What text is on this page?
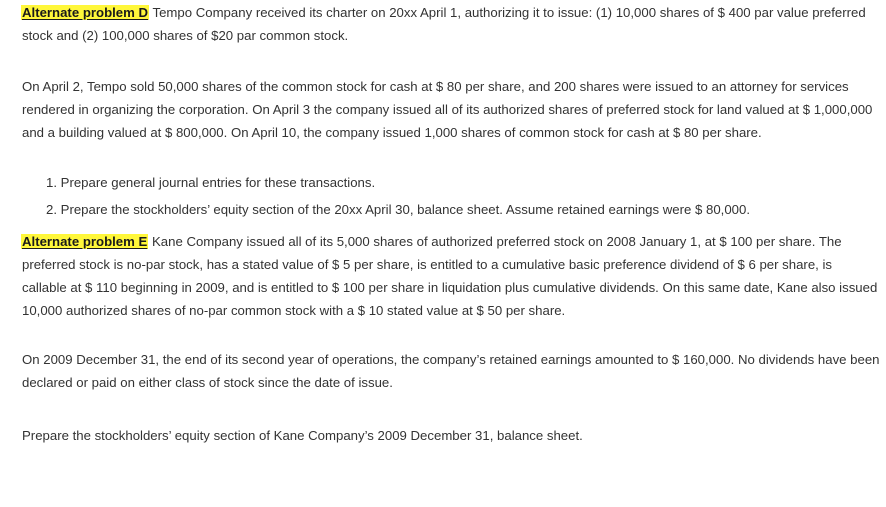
Alternate problem D Tempo Company received its charter on 20xx April 1, authorizing it to issue: (1) 10,000 shares of $ 400 par value preferred stock and (2) 100,000 shares of $20 par common stock.

On April 2, Tempo sold 50,000 shares of the common stock for cash at $ 80 per share, and 200 shares were issued to an attorney for services rendered in organizing the corporation. On April 3 the company issued all of its authorized shares of preferred stock for land valued at $ 1,000,000 and a building valued at $ 800,000. On April 10, the company issued 1,000 shares of common stock for cash at $ 80 per share.

1. Prepare general journal entries for these transactions.
2. Prepare the stockholders’ equity section of the 20xx April 30, balance sheet. Assume retained earnings were $ 80,000.

Alternate problem E Kane Company issued all of its 5,000 shares of authorized preferred stock on 2008 January 1, at $ 100 per share. The preferred stock is no-par stock, has a stated value of $ 5 per share, is entitled to a cumulative basic preference dividend of $ 6 per share, is callable at $ 110 beginning in 2009, and is entitled to $ 100 per share in liquidation plus cumulative dividends. On this same date, Kane also issued 10,000 authorized shares of no-par common stock with a $ 10 stated value at $ 50 per share.

On 2009 December 31, the end of its second year of operations, the company’s retained earnings amounted to $ 160,000. No dividends have been declared or paid on either class of stock since the date of issue.

Prepare the stockholders’ equity section of Kane Company’s 2009 December 31, balance sheet.
